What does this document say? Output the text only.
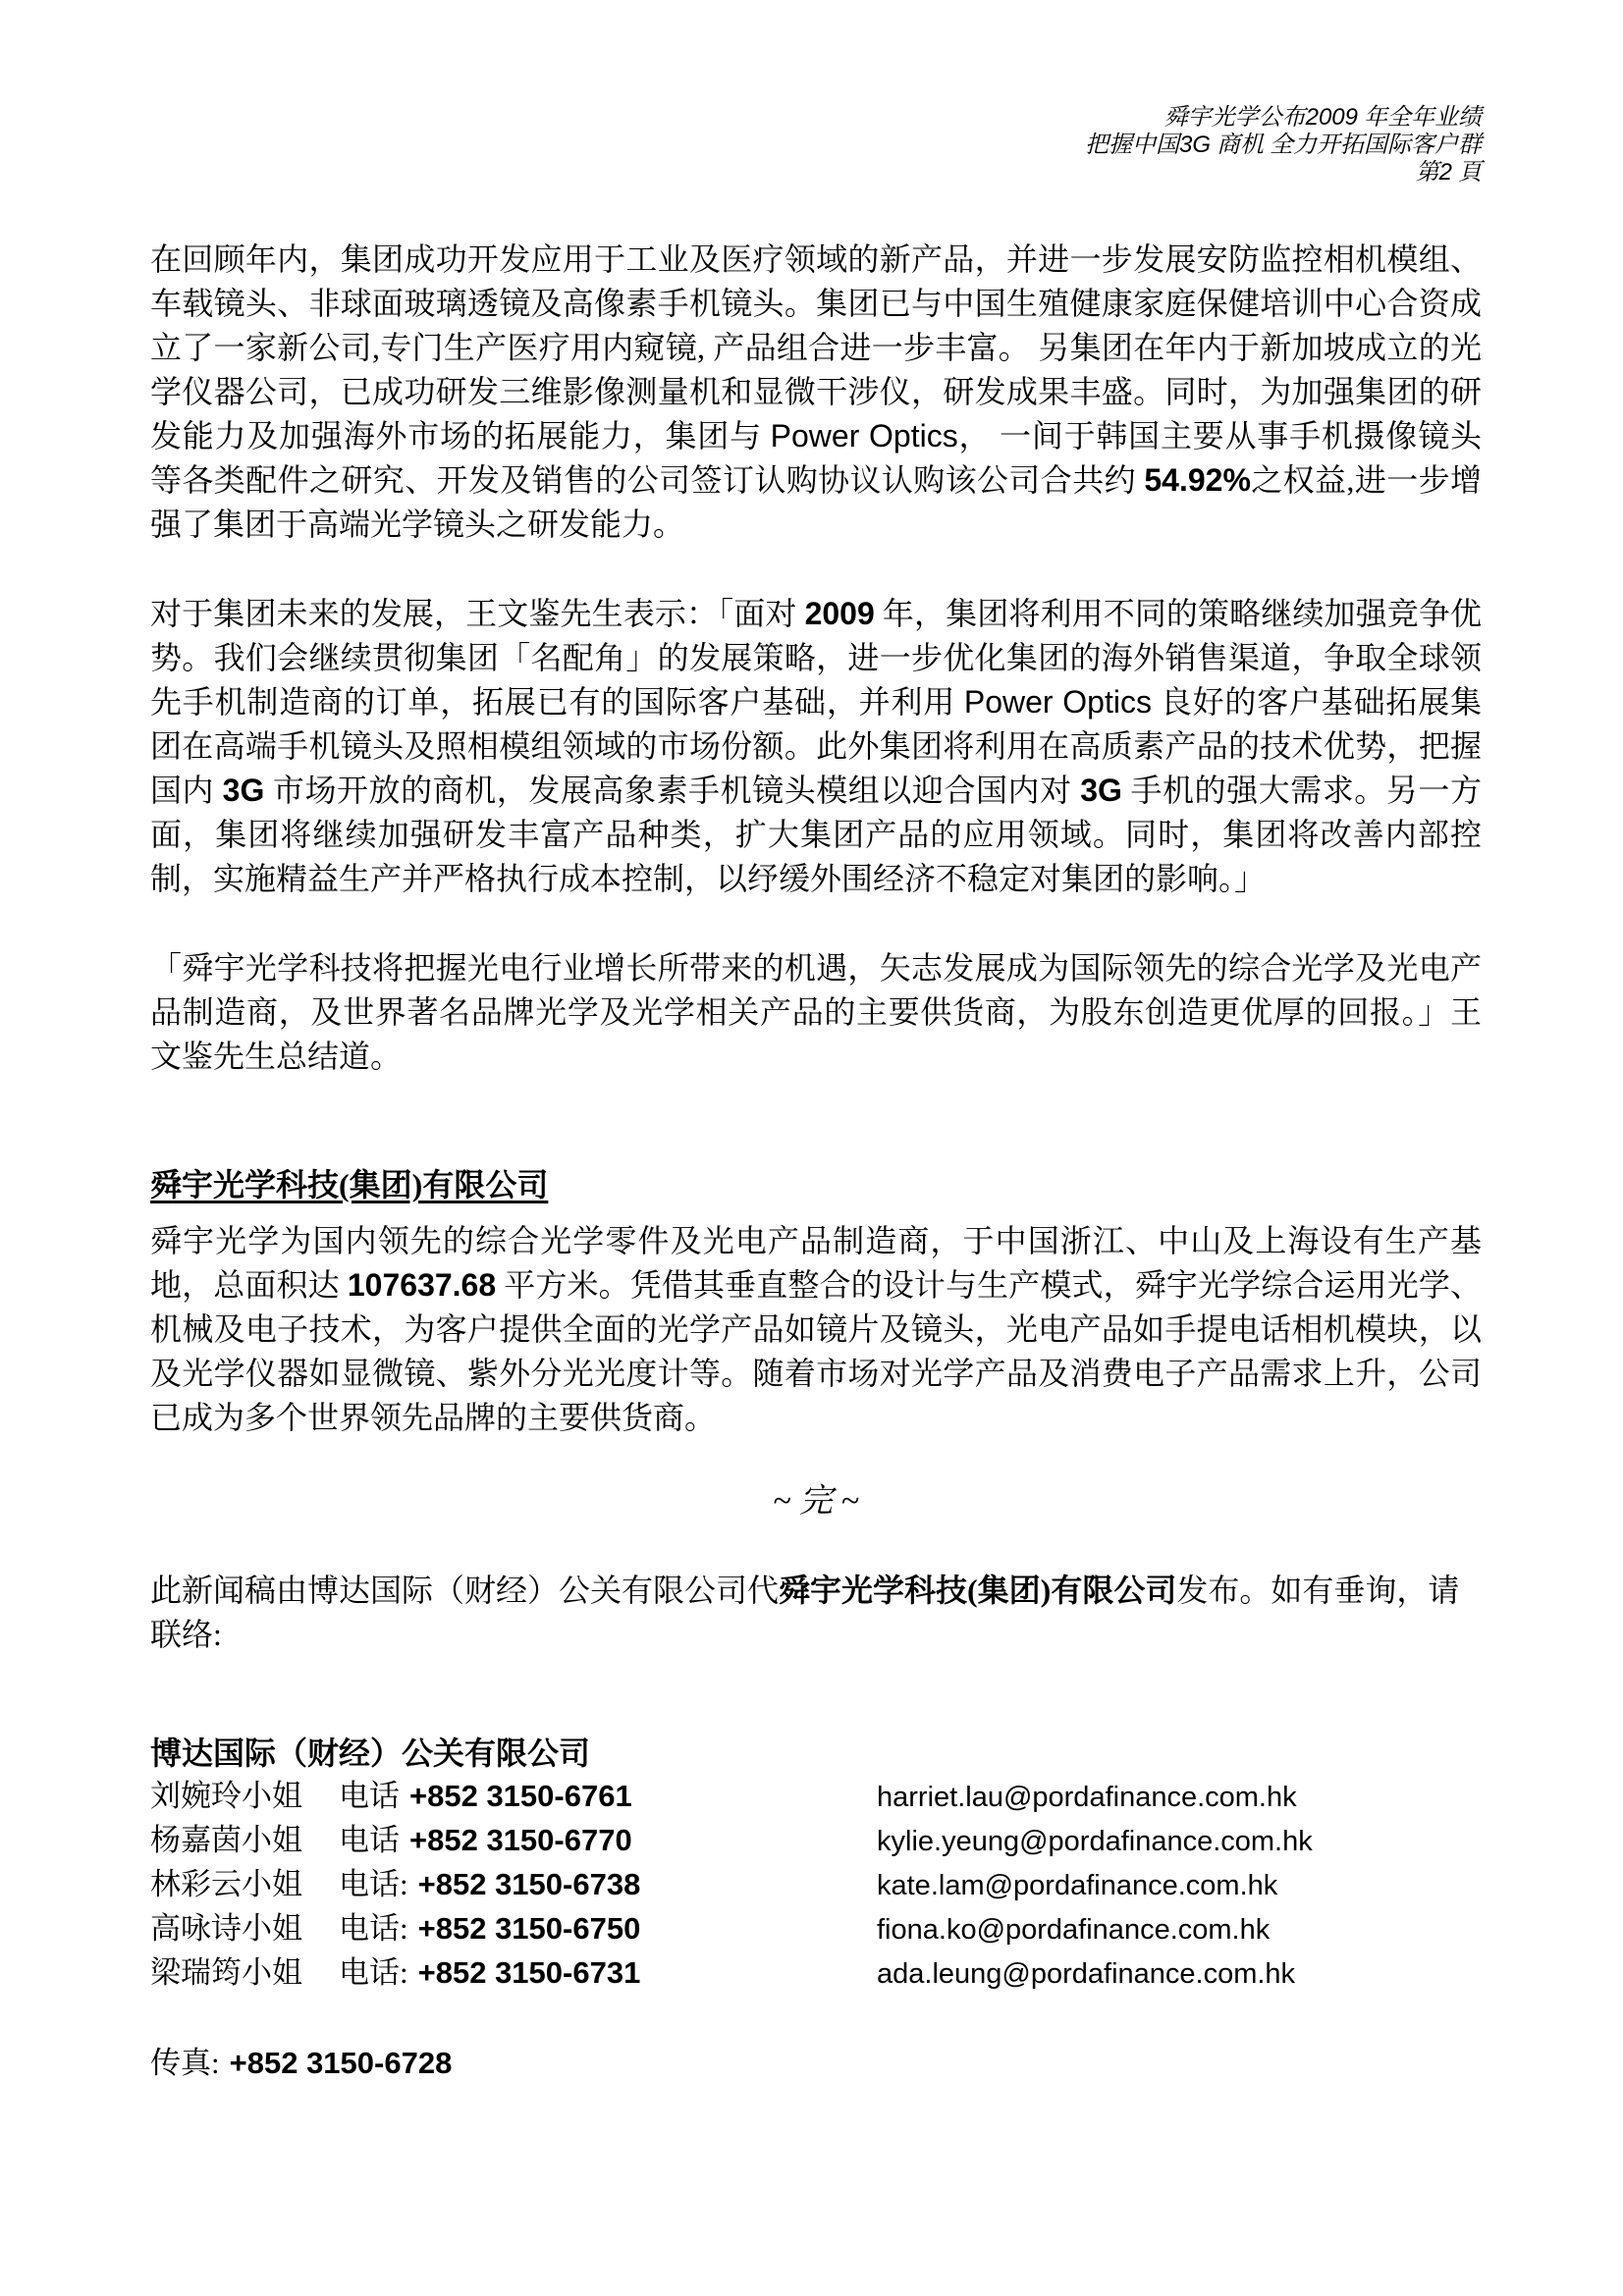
舜宇光学公布2009 年全年业绩
把握中国3G 商机 全力开拓国际客户群
第2 頁

在回顾年内，集团成功开发应用于工业及医疗领域的新产品，并进一步发展安防监控相机模组、车载镜头、非球面玻璃透镜及高像素手机镜头。集团已与中国生殖健康家庭保健培训中心合资成立了一家新公司,专门生产医疗用内窥镜, 产品组合进一步丰富。 另集团在年内于新加坡成立的光学仪器公司，已成功研发三维影像测量机和显微干涉仪，研发成果丰盛。同时，为加强集团的研发能力及加强海外市场的拓展能力，集团与 Power Optics， 一间于韩国主要从事手机摄像镜头等各类配件之研究、开发及销售的公司签订认购协议认购该公司合共约 54.92%之权益,进一步增强了集团于高端光学镜头之研发能力。

对于集团未来的发展，王文鉴先生表示：「面对 2009 年，集团将利用不同的策略继续加强竞争优势。我们会继续贯彻集团「名配角」的发展策略，进一步优化集团的海外销售渠道，争取全球领先手机制造商的订单，拓展已有的国际客户基础，并利用 Power Optics 良好的客户基础拓展集团在高端手机镜头及照相模组领域的市场份额。此外集团将利用在高质素产品的技术优势，把握国内 3G 市场开放的商机，发展高象素手机镜头模组以迎合国内对 3G 手机的强大需求。另一方面，集团将继续加强研发丰富产品种类，扩大集团产品的应用领域。同时，集团将改善内部控制，实施精益生产并严格执行成本控制，以纾缓外围经济不稳定对集团的影响。」

「舜宇光学科技将把握光电行业增长所带来的机遇，矢志发展成为国际领先的综合光学及光电产品制造商，及世界著名品牌光学及光学相关产品的主要供货商，为股东创造更优厚的回报。」王文鉴先生总结道。

舜宇光学科技(集团)有限公司

舜宇光学为国内领先的综合光学零件及光电产品制造商，于中国浙江、中山及上海设有生产基地，总面积达 107637.68 平方米。凭借其垂直整合的设计与生产模式，舜宇光学综合运用光学、机械及电子技术，为客户提供全面的光学产品如镜片及镜头，光电产品如手提电话相机模块，以及光学仪器如显微镜、紫外分光光度计等。随着市场对光学产品及消费电子产品需求上升，公司已成为多个世界领先品牌的主要供货商。

~ 完 ~

此新闻稿由博达国际（财经）公关有限公司代舜宇光学科技(集团)有限公司发布。如有垂询，请联络:

博达国际（财经）公关有限公司
刘婉玲小姐	电话 +852 3150-6761	harriet.lau@pordafinance.com.hk
杨嘉茵小姐	电话 +852 3150-6770	kylie.yeung@pordafinance.com.hk
林彩云小姐	电话: +852 3150-6738	kate.lam@pordafinance.com.hk
高咏诗小姐	电话: +852 3150-6750	fiona.ko@pordafinance.com.hk
梁瑞筠小姐	电话: +852 3150-6731	ada.leung@pordafinance.com.hk
传真: +852 3150-6728
